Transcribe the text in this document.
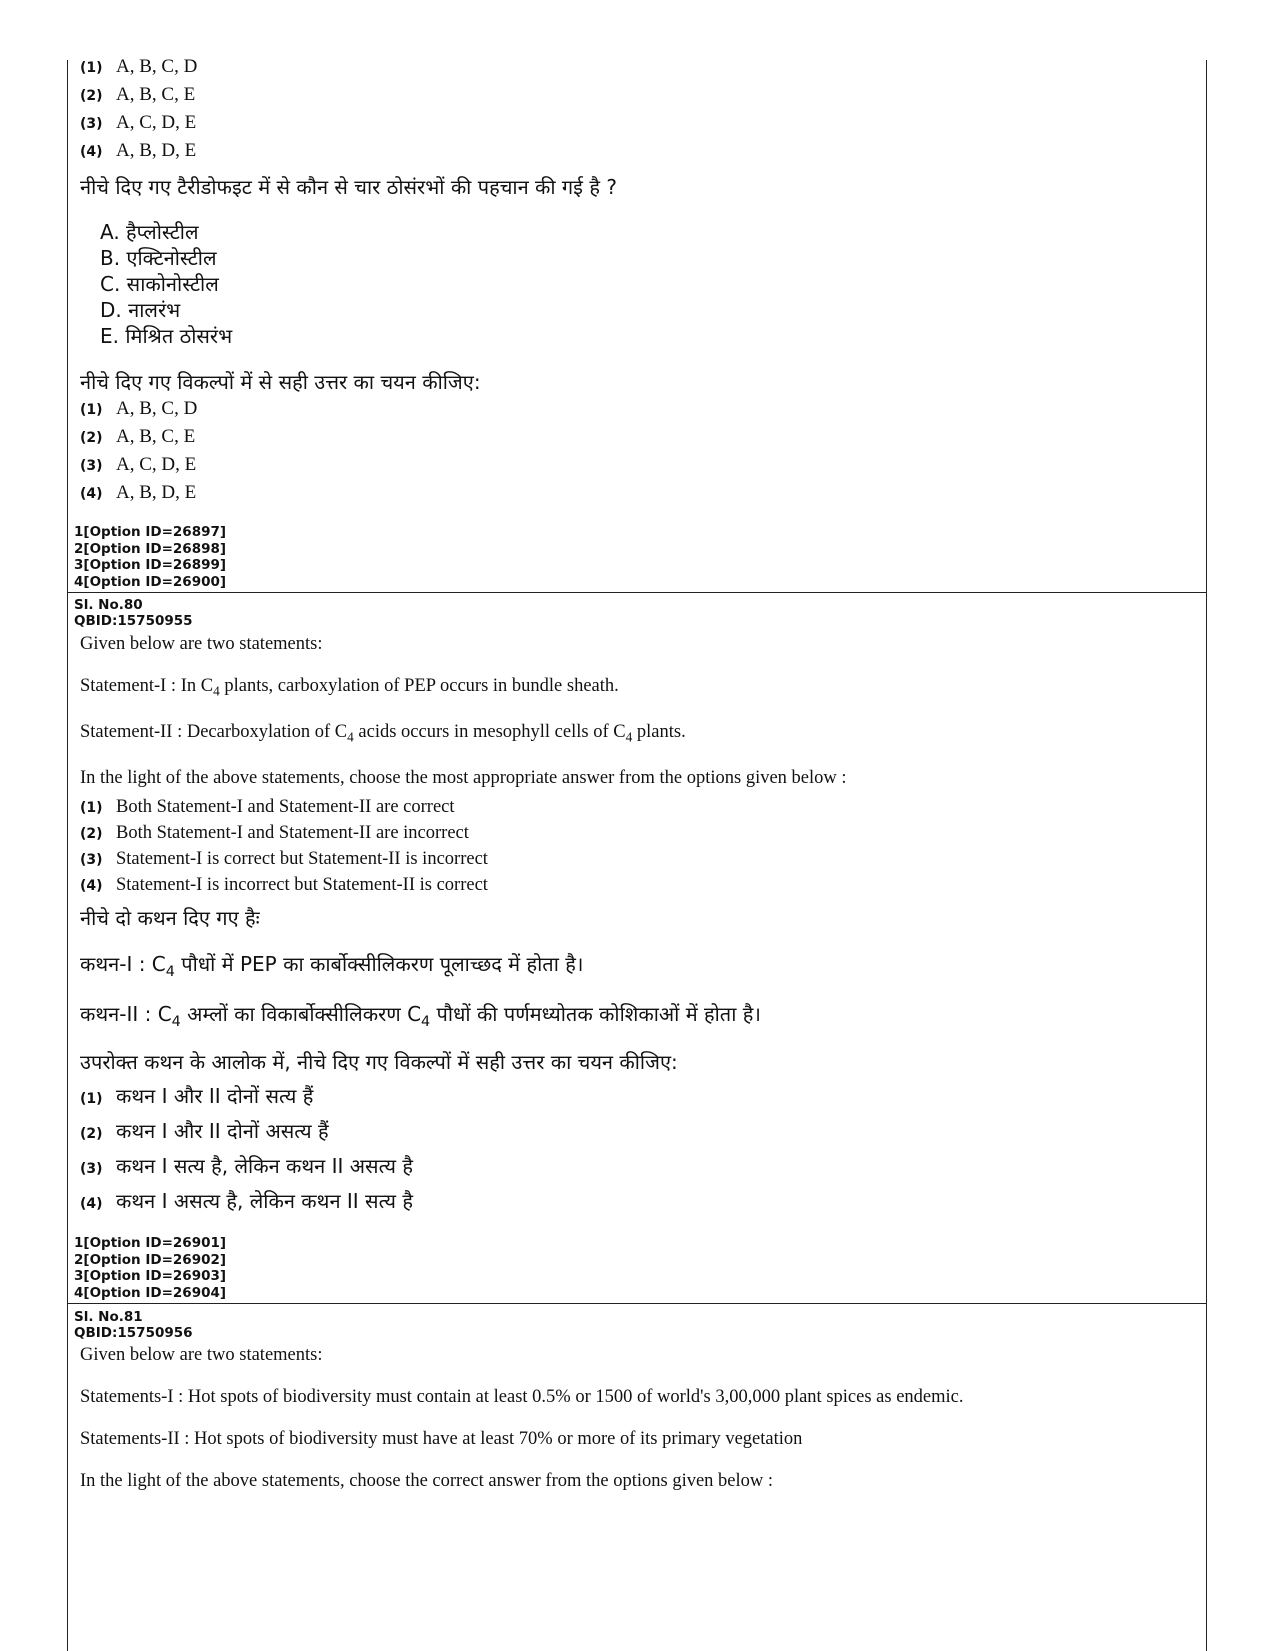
(1) A, B, C, D
(2) A, B, C, E
(3) A, C, D, E
(4) A, B, D, E
नीचे दिए गए टैरीडोफइट में से कौन से चार ठोसंरभों की पहचान की गई है ?
A. हैप्लोस्टील
B. एक्टिनोस्टील
C. साकोनोस्टील
D. नालरंभ
E. मिश्रित ठोसरंभ
नीचे दिए गए विकल्पों में से सही उत्तर का चयन कीजिए:
(1) A, B, C, D
(2) A, B, C, E
(3) A, C, D, E
(4) A, B, D, E
1[Option ID=26897]
2[Option ID=26898]
3[Option ID=26899]
4[Option ID=26900]
Sl. No.80
QBID:15750955
Given below are two statements:
Statement-I : In $C_4$ plants, carboxylation of PEP occurs in bundle sheath.
Statement-II : Decarboxylation of $C_4$ acids occurs in mesophyll cells of $C_4$ plants.
In the light of the above statements, choose the most appropriate answer from the options given below :
(1) Both Statement-I and Statement-II are correct
(2) Both Statement-I and Statement-II are incorrect
(3) Statement-I is correct but Statement-II is incorrect
(4) Statement-I is incorrect but Statement-II is correct
नीचे दो कथन दिए गए हैः
कथन-I : $C_4$ पौधों में PEP का कार्बोक्सीलिकरण पूलाच्छद में होता है।
कथन-II : $C_4$ अम्लों का विकार्बोक्सीलिकरण $C_4$ पौधों की पर्णमध्योतक कोशिकाओं में होता है।
उपरोक्त कथन के आलोक में, नीचे दिए गए विकल्पों में सही उत्तर का चयन कीजिए:
(1) कथन I और II दोनों सत्य हैं
(2) कथन I और II दोनों असत्य हैं
(3) कथन I सत्य है, लेकिन कथन II असत्य है
(4) कथन I असत्य है, लेकिन कथन II सत्य है
1[Option ID=26901]
2[Option ID=26902]
3[Option ID=26903]
4[Option ID=26904]
Sl. No.81
QBID:15750956
Given below are two statements:
Statements-I : Hot spots of biodiversity must contain at least 0.5% or 1500 of world's 3,00,000 plant spices as endemic.
Statements-II : Hot spots of biodiversity must have at least 70% or more of its primary vegetation
In the light of the above statements, choose the correct answer from the options given below :
